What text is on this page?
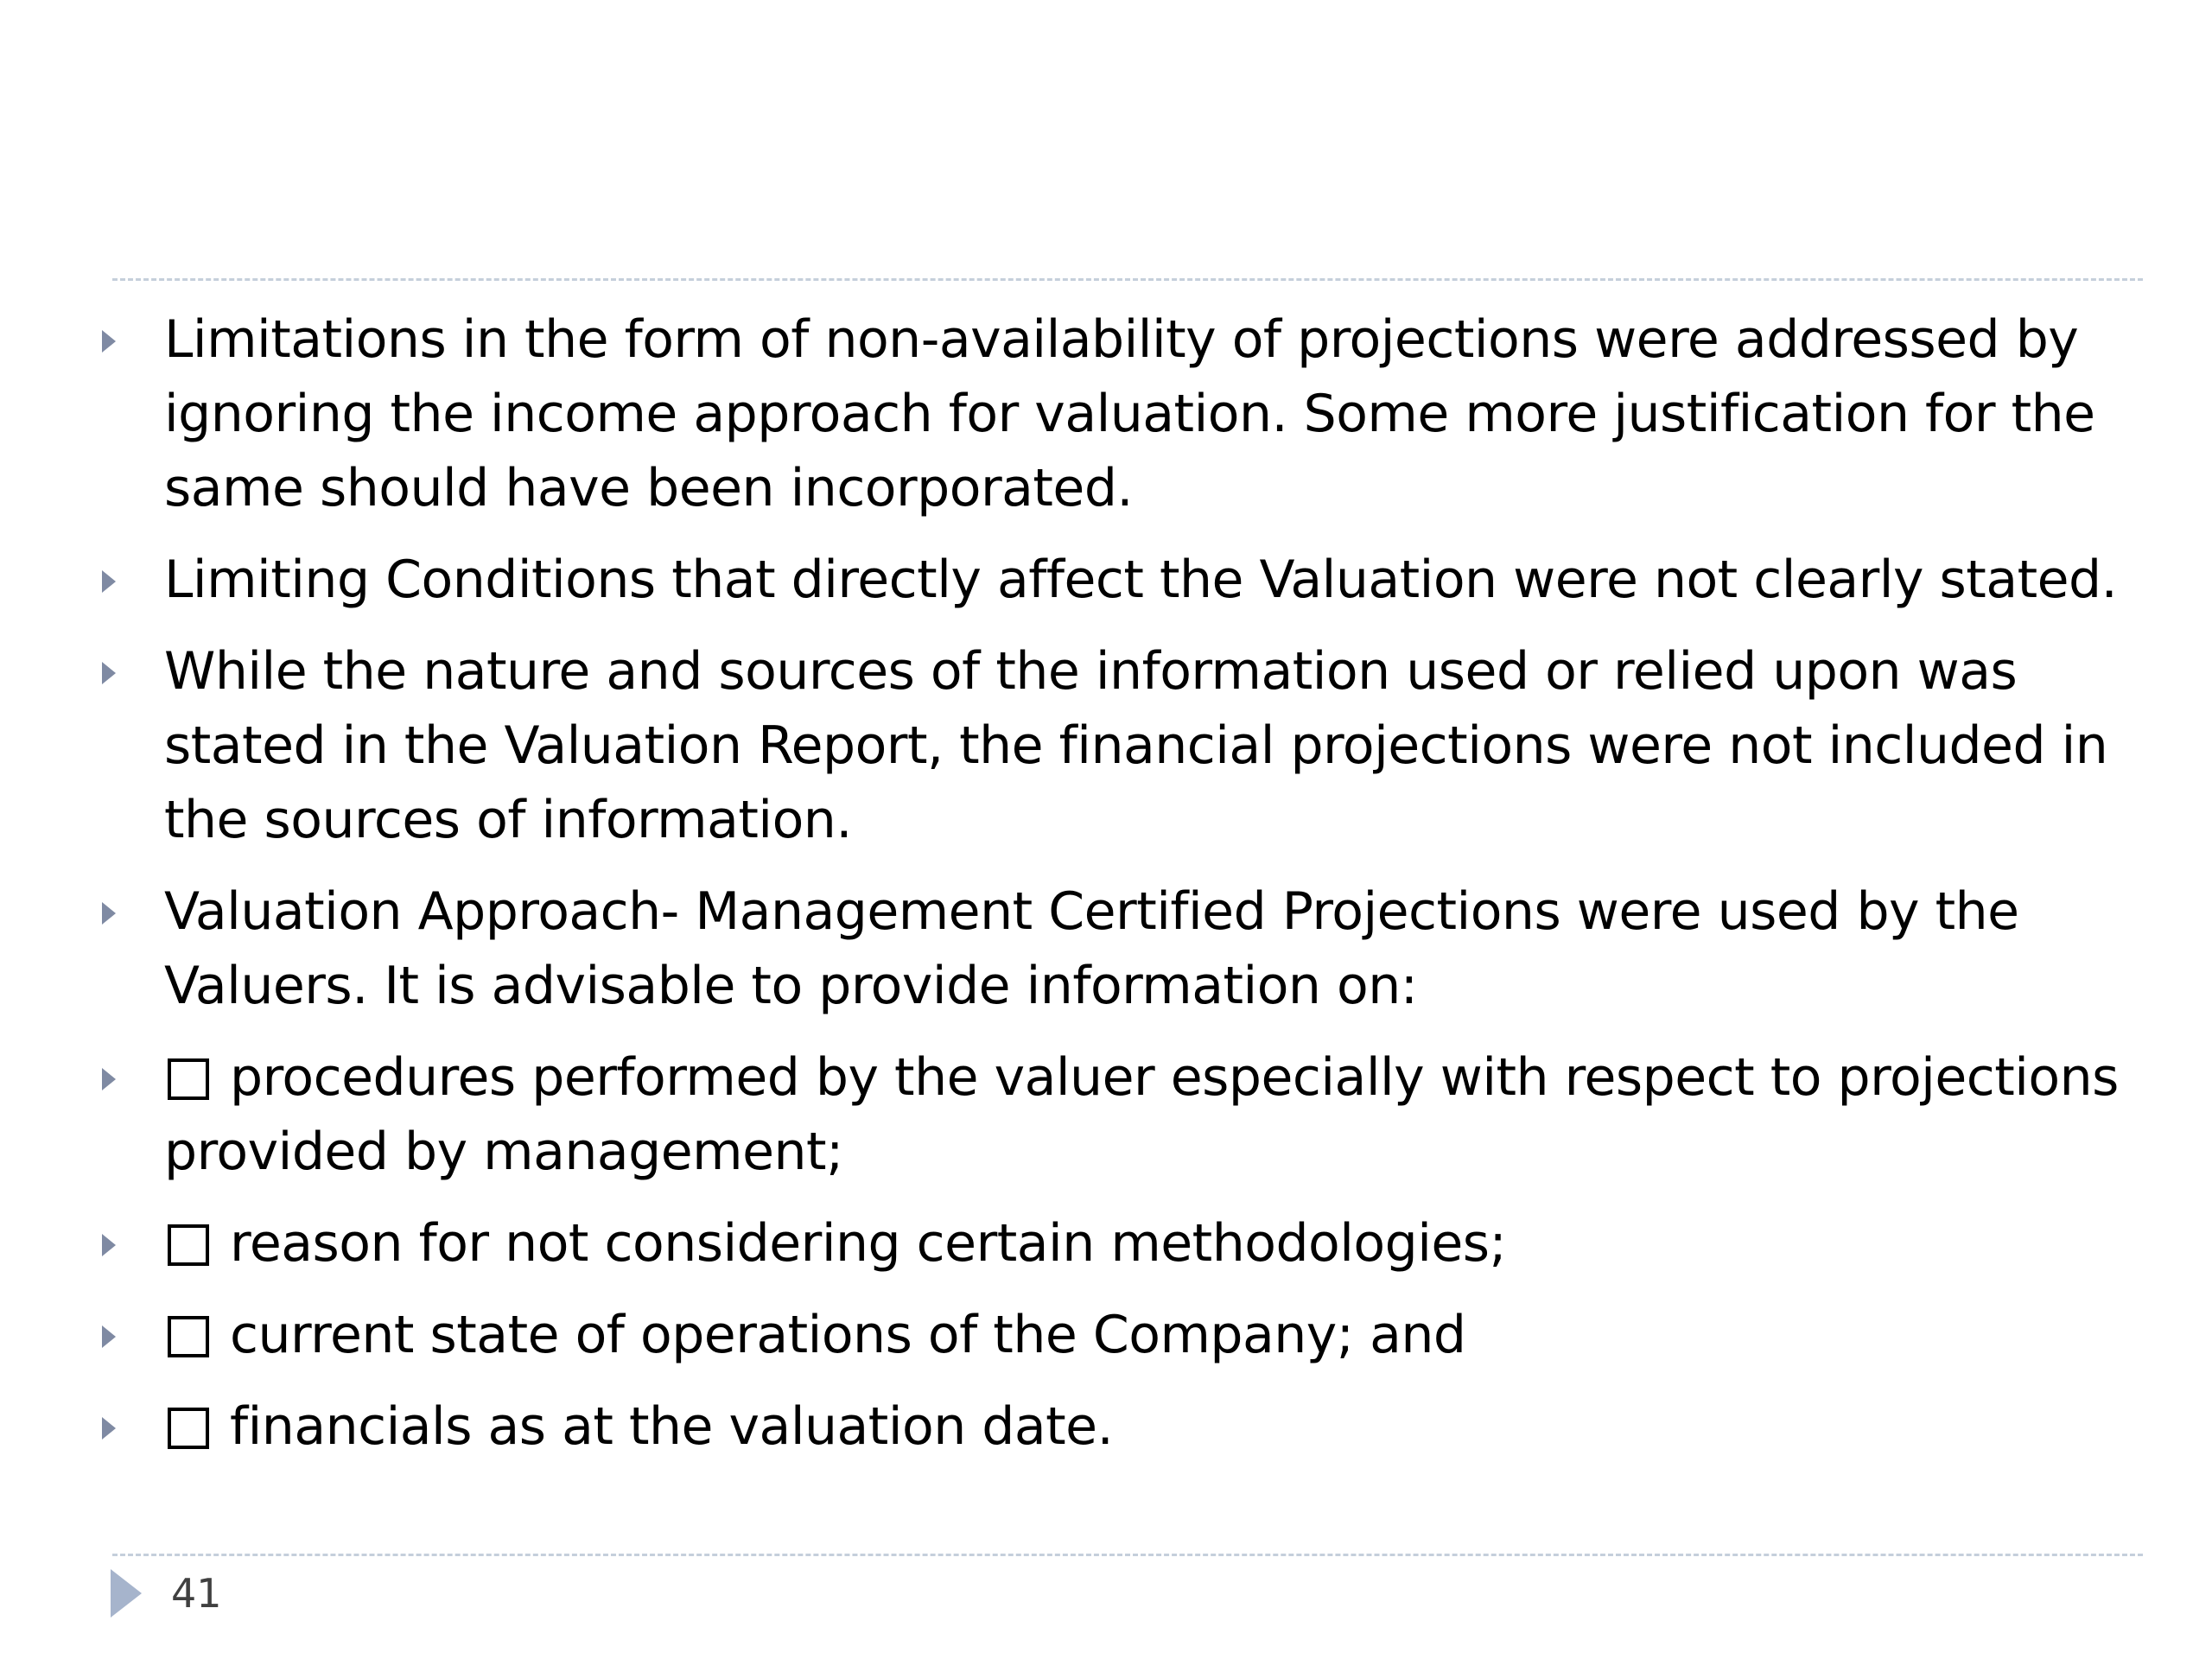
Limitations in the form of non-availability of projections were addressed by ignoring the income approach for valuation. Some more justification for the same should have been incorporated.
Limiting Conditions that directly affect the Valuation were not clearly stated.
While the nature and sources of the information used or relied upon was stated in the Valuation Report, the financial projections were not included in the sources of information.
Valuation Approach- Management Certified Projections were used by the Valuers. It is advisable to provide information on:
procedures performed by the valuer especially with respect to projections provided by management;
reason for not considering certain methodologies;
current state of operations of the Company; and
financials as at the valuation date.
41
